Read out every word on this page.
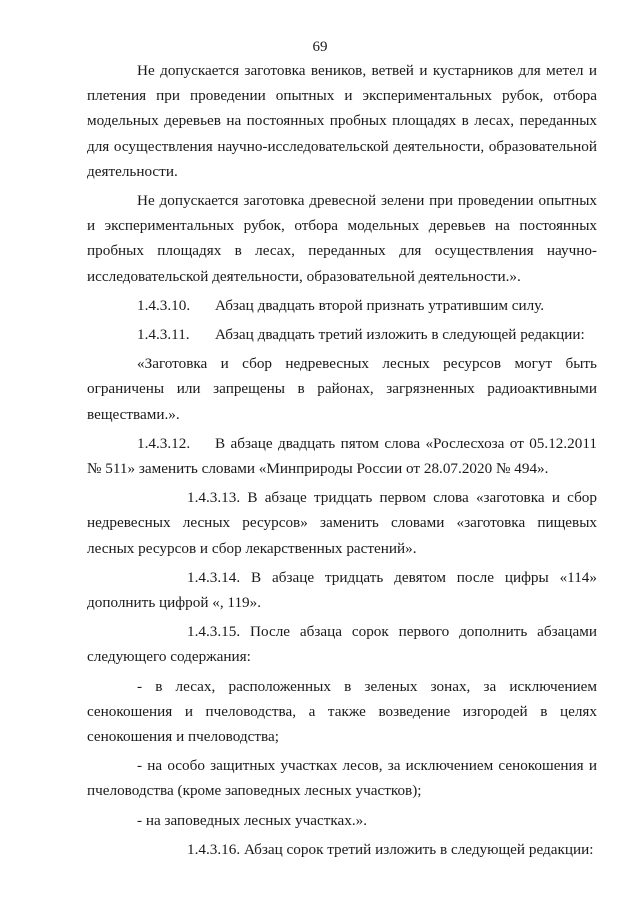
69

Не допускается заготовка веников, ветвей и кустарников для метел и плетения при проведении опытных и экспериментальных рубок, отбора модельных деревьев на постоянных пробных площадях в лесах, переданных для осуществления научно-исследовательской деятельности, образовательной деятельности.

Не допускается заготовка древесной зелени при проведении опытных и экспериментальных рубок, отбора модельных деревьев на постоянных пробных площадях в лесах, переданных для осуществления научно-исследовательской деятельности, образовательной деятельности.».

1.4.3.10. Абзац двадцать второй признать утратившим силу.

1.4.3.11. Абзац двадцать третий изложить в следующей редакции:

«Заготовка и сбор недревесных лесных ресурсов могут быть ограничены или запрещены в районах, загрязненных радиоактивными веществами.».

1.4.3.12. В абзаце двадцать пятом слова «Рослесхоза от 05.12.2011 № 511» заменить словами «Минприроды России от 28.07.2020 № 494».

1.4.3.13. В абзаце тридцать первом слова «заготовка и сбор недревесных лесных ресурсов» заменить словами «заготовка пищевых лесных ресурсов и сбор лекарственных растений».

1.4.3.14. В абзаце тридцать девятом после цифры «114» дополнить цифрой «, 119».

1.4.3.15. После абзаца сорок первого дополнить абзацами следующего содержания:

- в лесах, расположенных в зеленых зонах, за исключением сенокошения и пчеловодства, а также возведение изгородей в целях сенокошения и пчеловодства;

- на особо защитных участках лесов, за исключением сенокошения и пчеловодства (кроме заповедных лесных участков);

- на заповедных лесных участках.».

1.4.3.16. Абзац сорок третий изложить в следующей редакции:
